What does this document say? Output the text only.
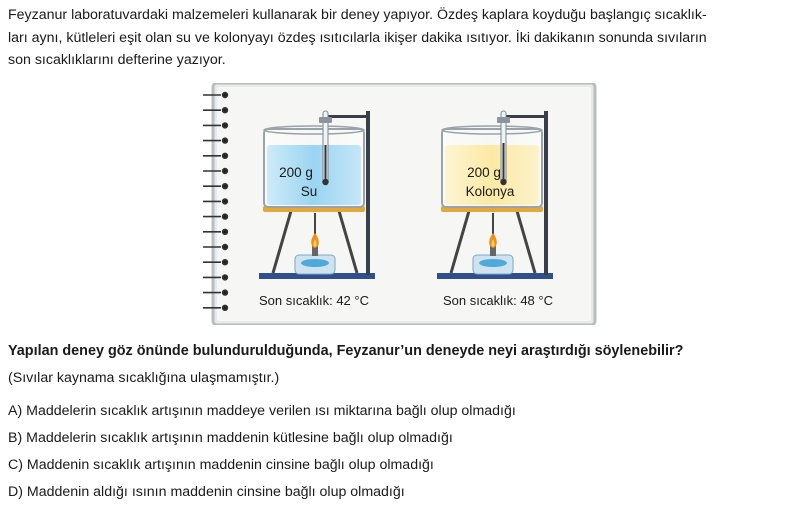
Feyzanur laboratuvardaki malzemeleri kullanarak bir deney yapıyor. Özdeş kaplara koyduğu başlangıç sıcaklık-
ları aynı, kütleleri eşit olan su ve kolonyayı özdeş ısıtıcılarla ikişer dakika ısıtıyor. İki dakikanın sonunda sıvıların
son sıcaklıklarını defterine yazıyor.
200 g
Su
Son sıcaklık: 42 °C
200 g
Kolonya
Son sıcaklık: 48 °C
Yapılan deney göz önünde bulundurulduğunda, Feyzanur’un deneyde neyi araştırdığı söylenebilir?
(Sıvılar kaynama sıcaklığına ulaşmamıştır.)
A) Maddelerin sıcaklık artışının maddeye verilen ısı miktarına bağlı olup olmadığı
B) Maddelerin sıcaklık artışının maddenin kütlesine bağlı olup olmadığı
C) Maddenin sıcaklık artışının maddenin cinsine bağlı olup olmadığı
D) Maddenin aldığı ısının maddenin cinsine bağlı olup olmadığı
